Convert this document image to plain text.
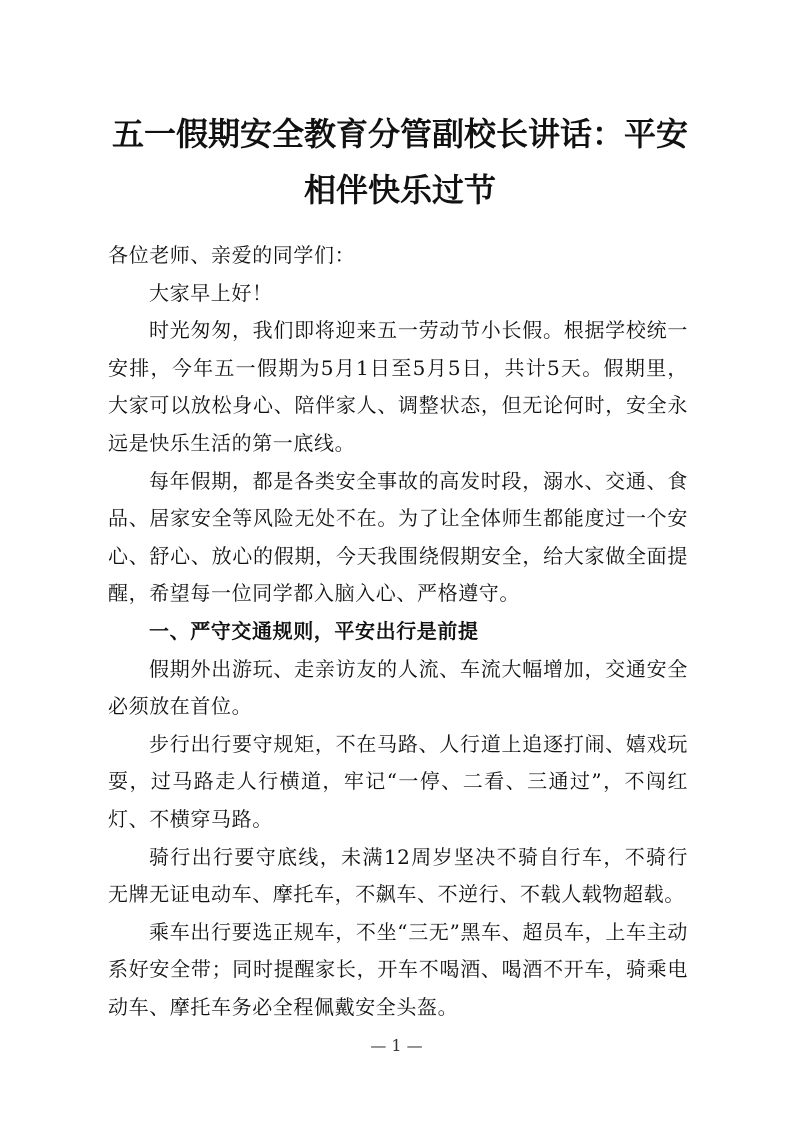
五一假期安全教育分管副校长讲话：平安
相伴快乐过节

各位老师、亲爱的同学们：

大家早上好！

时光匆匆，我们即将迎来五一劳动节小长假。根据学校统一安排，今年五一假期为5月1日至5月5日，共计5天。假期里，大家可以放松身心、陪伴家人、调整状态，但无论何时，安全永远是快乐生活的第一底线。

每年假期，都是各类安全事故的高发时段，溺水、交通、食品、居家安全等风险无处不在。为了让全体师生都能度过一个安心、舒心、放心的假期，今天我围绕假期安全，给大家做全面提醒，希望每一位同学都入脑入心、严格遵守。

一、严守交通规则，平安出行是前提

假期外出游玩、走亲访友的人流、车流大幅增加，交通安全必须放在首位。

步行出行要守规矩，不在马路、人行道上追逐打闹、嬉戏玩耍，过马路走人行横道，牢记“一停、二看、三通过”，不闯红灯、不横穿马路。

骑行出行要守底线，未满12周岁坚决不骑自行车，不骑行无牌无证电动车、摩托车，不飙车、不逆行、不载人载物超载。

乘车出行要选正规车，不坐“三无”黑车、超员车，上车主动系好安全带；同时提醒家长，开车不喝酒、喝酒不开车，骑乘电动车、摩托车务必全程佩戴安全头盔。

— 1 —
